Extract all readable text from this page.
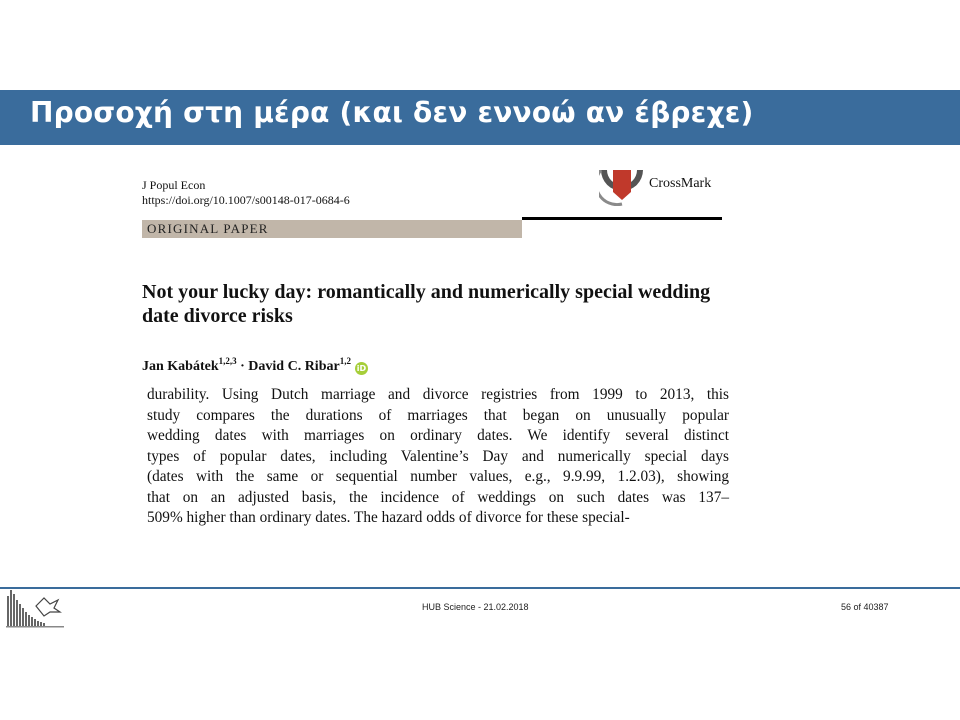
Προσοχή στη μέρα (και δεν εννοώ αν έβρεχε)
J Popul Econ
https://doi.org/10.1007/s00148-017-0684-6
CrossMark
ORIGINAL PAPER
Not your lucky day: romantically and numerically special wedding date divorce risks
Jan Kabátek$^{1,2,3}$ · David C. Ribar$^{1,2}$iD
durability. Using Dutch marriage and divorce registries from 1999 to 2013, this
study compares the durations of marriages that began on unusually popular
wedding dates with marriages on ordinary dates. We identify several distinct
types of popular dates, including Valentine’s Day and numerically special days
(dates with the same or sequential number values, e.g., 9.9.99, 1.2.03), showing
that on an adjusted basis, the incidence of weddings on such dates was 137–
509% higher than ordinary dates. The hazard odds of divorce for these special-
HUB Science - 21.02.2018	56 of 40387
